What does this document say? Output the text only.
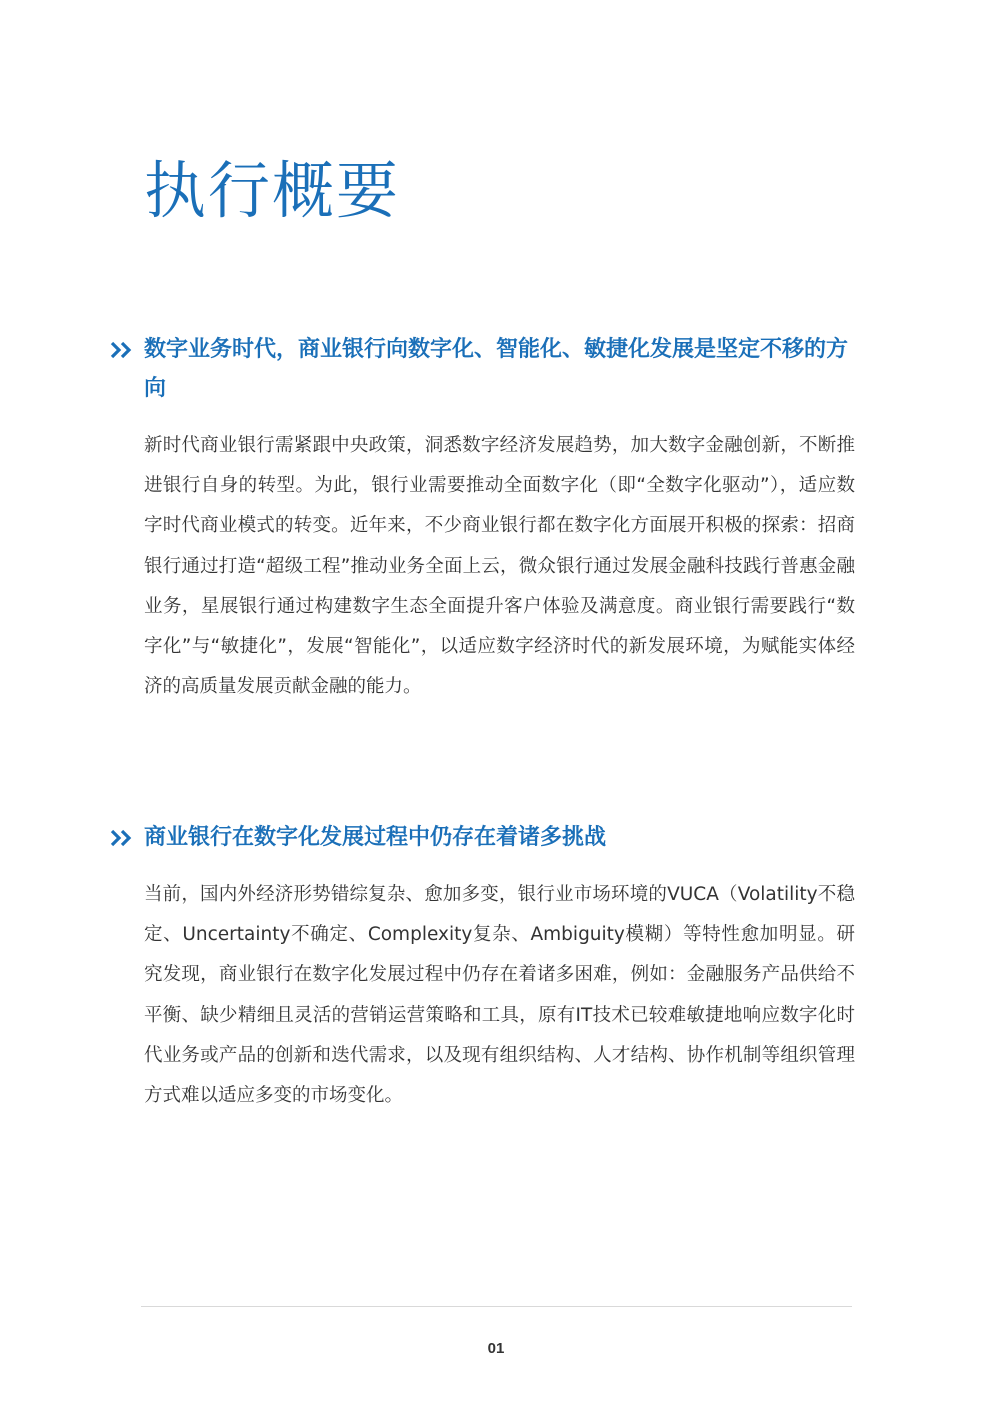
执行概要
数字业务时代，商业银行向数字化、智能化、敏捷化发展是坚定不移的方向

新时代商业银行需紧跟中央政策，洞悉数字经济发展趋势，加大数字金融创新，不断推进银行自身的转型。为此，银行业需要推动全面数字化（即“全数字化驱动”），适应数字时代商业模式的转变。近年来，不少商业银行都在数字化方面展开积极的探索：招商银行通过打造“超级工程”推动业务全面上云，微众银行通过发展金融科技践行普惠金融业务，星展银行通过构建数字生态全面提升客户体验及满意度。商业银行需要践行“数字化”与“敏捷化”，发展“智能化”，以适应数字经济时代的新发展环境，为赋能实体经济的高质量发展贡献金融的能力。

商业银行在数字化发展过程中仍存在着诸多挑战

当前，国内外经济形势错综复杂、愈加多变，银行业市场环境的VUCA（Volatility不稳定、Uncertainty不确定、Complexity复杂、Ambiguity模糊）等特性愈加明显。研究发现，商业银行在数字化发展过程中仍存在着诸多困难，例如：金融服务产品供给不平衡、缺少精细且灵活的营销运营策略和工具，原有IT技术已较难敏捷地响应数字化时代业务或产品的创新和迭代需求，以及现有组织结构、人才结构、协作机制等组织管理方式难以适应多变的市场变化。

01
